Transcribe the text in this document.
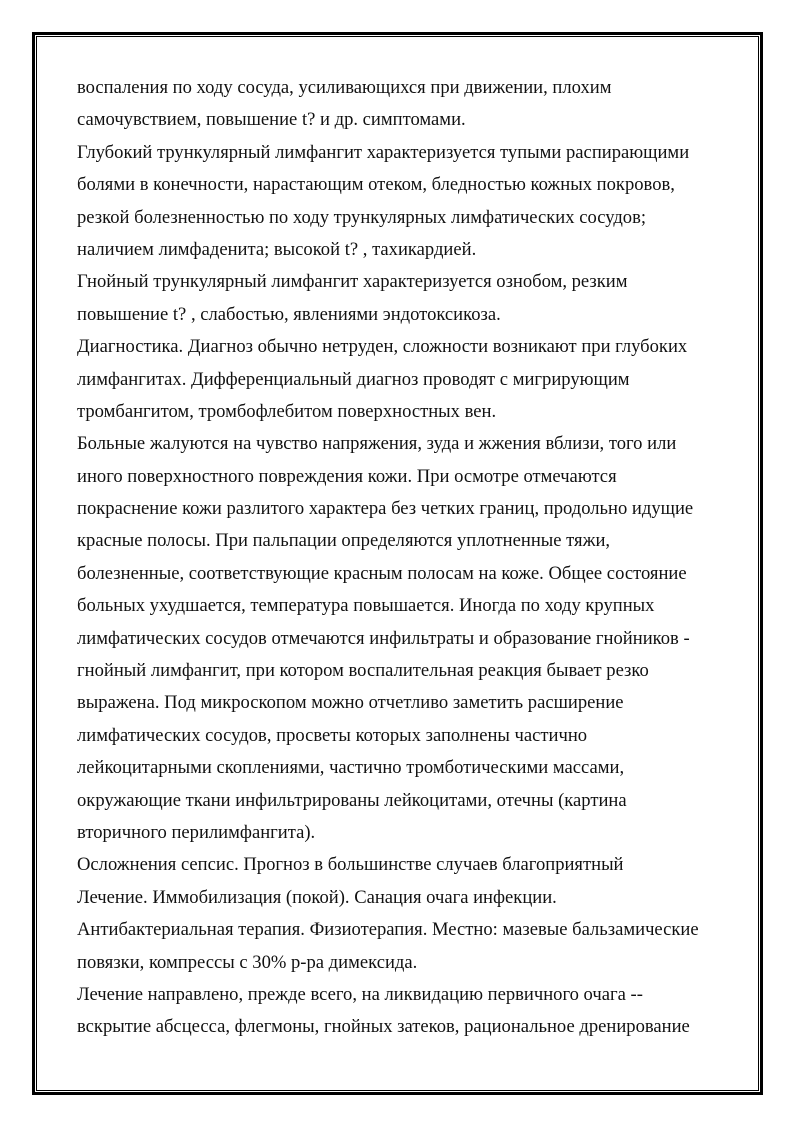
воспаления по ходу сосуда, усиливающихся при движении, плохим
самочувствием, повышение t? и др. симптомами.
Глубокий трункулярный лимфангит характеризуется тупыми распирающими
болями в конечности, нарастающим отеком, бледностью кожных покровов,
резкой болезненностью по ходу трункулярных лимфатических сосудов;
наличием лимфаденита; высокой t? , тахикардией.
Гнойный трункулярный лимфангит характеризуется ознобом, резким
повышение t? , слабостью, явлениями эндотоксикоза.
Диагностика. Диагноз обычно нетруден, сложности возникают при глубоких
лимфангитах. Дифференциальный диагноз проводят с мигрирующим
тромбангитом, тромбофлебитом поверхностных вен.
Больные жалуются на чувство напряжения, зуда и жжения вблизи, того или
иного поверхностного повреждения кожи. При осмотре отмечаются
покраснение кожи разлитого характера без четких границ, продольно идущие
красные полосы. При пальпации определяются уплотненные тяжи,
болезненные, соответствующие красным полосам на коже. Общее состояние
больных ухудшается, температура повышается. Иногда по ходу крупных
лимфатических сосудов отмечаются инфильтраты и образование гнойников -
гнойный лимфангит, при котором воспалительная реакция бывает резко
выражена. Под микроскопом можно отчетливо заметить расширение
лимфатических сосудов, просветы которых заполнены частично
лейкоцитарными скоплениями, частично тромботическими массами,
окружающие ткани инфильтрированы лейкоцитами, отечны (картина
вторичного перилимфангита).
Осложнения сепсис. Прогноз в большинстве случаев благоприятный
Лечение. Иммобилизация (покой). Санация очага инфекции.
Антибактериальная терапия. Физиотерапия. Местно: мазевые бальзамические
повязки, компрессы с 30% р-ра димексида.
Лечение направлено, прежде всего, на ликвидацию первичного очага --
вскрытие абсцесса, флегмоны, гнойных затеков, рациональное дренирование
